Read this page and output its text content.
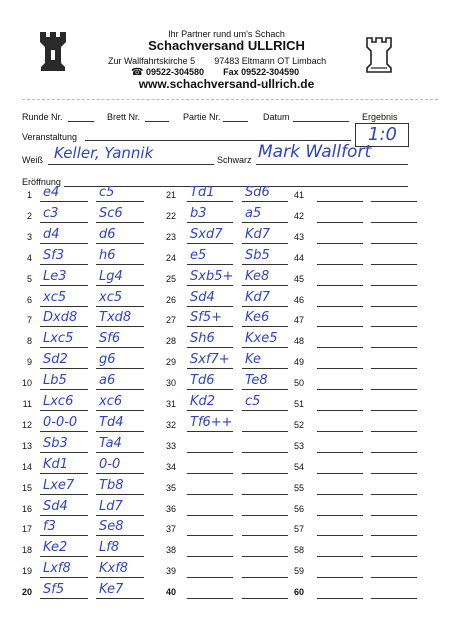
Ihr Partner rund um's Schach
Schachversand ULLRICH
Zur Wallfahrtskirche 5 97483 Eltmann OT Limbach
☎ 09522-304580 Fax 09522-304590
www.schachversand-ullrich.de
Runde Nr.	Brett Nr.	Partie Nr.	Datum	Ergebnis
1:0
Veranstaltung
Weiß Keller, Yannik	Schwarz Mark Wallfort
Eröffnung
1 e4	c5
2 c3	Sc6
3 d4	d6
4 Sf3	h6
5 Le3 Lg4
6 xc5	xc5
7 Dxd8 Txd8
8 Lxc5 Sf6
9 Sd2 g6
10 Lb5 a6
11 Lxc6 xc6
12 0-0-0 Td4
13 Sb3 Ta4
14 Kd1 0-0
15 Lxe7 Tb8
16 Sd4 Ld7
17 f3	Se8
18 Ke2 Lf8
19 Lxf8 Kxf8
20 Sf5	Ke7
21 Td1 Sd6
22 b3	a5
23 Sxd7 Kd7
24 e5	Sb5
25 Sxb5+ Ke8
26 Sd4 Kd7
27 Sf5+ Ke6
28 Sh6 Kxe5
29 Sxf7+ Ke
30 Td6 Te8
31 Kd2 c5
32 Tf6++
33
34
35
36
37
38
39
40
41
42
43
44
45
46
47
48
49
50
51
52
53
54
55
56
57
58
59
60
